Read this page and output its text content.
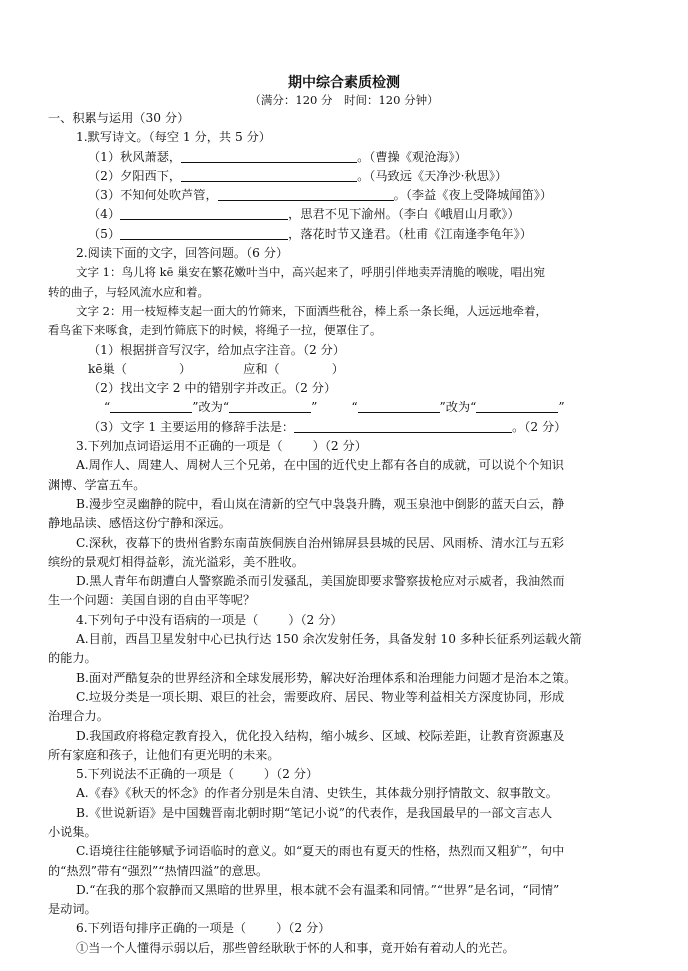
期中综合素质检测
（满分：120 分　时间：120 分钟）
一、积累与运用（30 分）
1.默写诗文。（每空 1 分，共 5 分）
（1）秋风萧瑟，	。（曹操《观沧海》）
（2）夕阳西下，	。（马致远《天净沙·秋思》）
（3）不知何处吹芦管，	。（李益《夜上受降城闻笛》）
（4）	，思君不见下渝州。（李白《峨眉山月歌》）
（5）	，落花时节又逢君。（杜甫《江南逢李龟年》）
2.阅读下面的文字，回答问题。（6 分）
文字 1：鸟儿将 kē 巢安在繁花嫩叶当中，高兴起来了，呼朋引伴地卖弄清脆的喉咙，唱出宛
转的曲子，与轻风流水应和着。
文字 2：用一枝短棒支起一面大的竹筛来，下面洒些秕谷，棒上系一条长绳，人远远地牵着，
看鸟雀下来啄食，走到竹筛底下的时候，将绳子一拉，便罩住了。
（1）根据拼音写汉字，给加点字注音。（2 分）
kē巢（	）	应和（	）
（2）找出文字 2 中的错别字并改正。（2 分）
“	”改为“	”	“	”改为“	”
（3）文字 1 主要运用的修辞手法是：	。（2 分）
3.下列加点词语运用不正确的一项是（ ）（2 分）
A.周作人、周建人、周树人三个兄弟，在中国的近代史上都有各自的成就，可以说个个知识
渊博、学富五车。
B.漫步空灵幽静的院中，看山岚在清新的空气中袅袅升腾，观玉泉池中倒影的蓝天白云，静
静地品读、感悟这份宁静和深远。
C.深秋，夜幕下的贵州省黔东南苗族侗族自治州锦屏县县城的民居、风雨桥、清水江与五彩
缤纷的景观灯相得益彰，流光溢彩，美不胜收。
D.黑人青年布朗遭白人警察跪杀而引发骚乱，美国旋即要求警察拔枪应对示威者，我油然而
生一个问题：美国自诩的自由平等呢？
4.下列句子中没有语病的一项是（ ）（2 分）
A.目前，西昌卫星发射中心已执行达 150 余次发射任务，具备发射 10 多种长征系列运载火箭
的能力。
B.面对严酷复杂的世界经济和全球发展形势，解决好治理体系和治理能力问题才是治本之策。
C.垃圾分类是一项长期、艰巨的社会，需要政府、居民、物业等利益相关方深度协同，形成
治理合力。
D.我国政府将稳定教育投入，优化投入结构，缩小城乡、区域、校际差距，让教育资源惠及
所有家庭和孩子，让他们有更光明的未来。
5.下列说法不正确的一项是（ ）（2 分）
A.《春》《秋天的怀念》的作者分别是朱自清、史铁生，其体裁分别抒情散文、叙事散文。
B.《世说新语》是中国魏晋南北朝时期“笔记小说”的代表作，是我国最早的一部文言志人
小说集。
C.语境往往能够赋予词语临时的意义。如“夏天的雨也有夏天的性格，热烈而又粗犷”，句中
的“热烈”带有“强烈”“热情四溢”的意思。
D.“在我的那个寂静而又黑暗的世界里，根本就不会有温柔和同情。”“世界”是名词，“同情”
是动词。
6.下列语句排序正确的一项是（ ）（2 分）
①当一个人懂得示弱以后，那些曾经耿耿于怀的人和事，竟开始有着动人的光芒。
